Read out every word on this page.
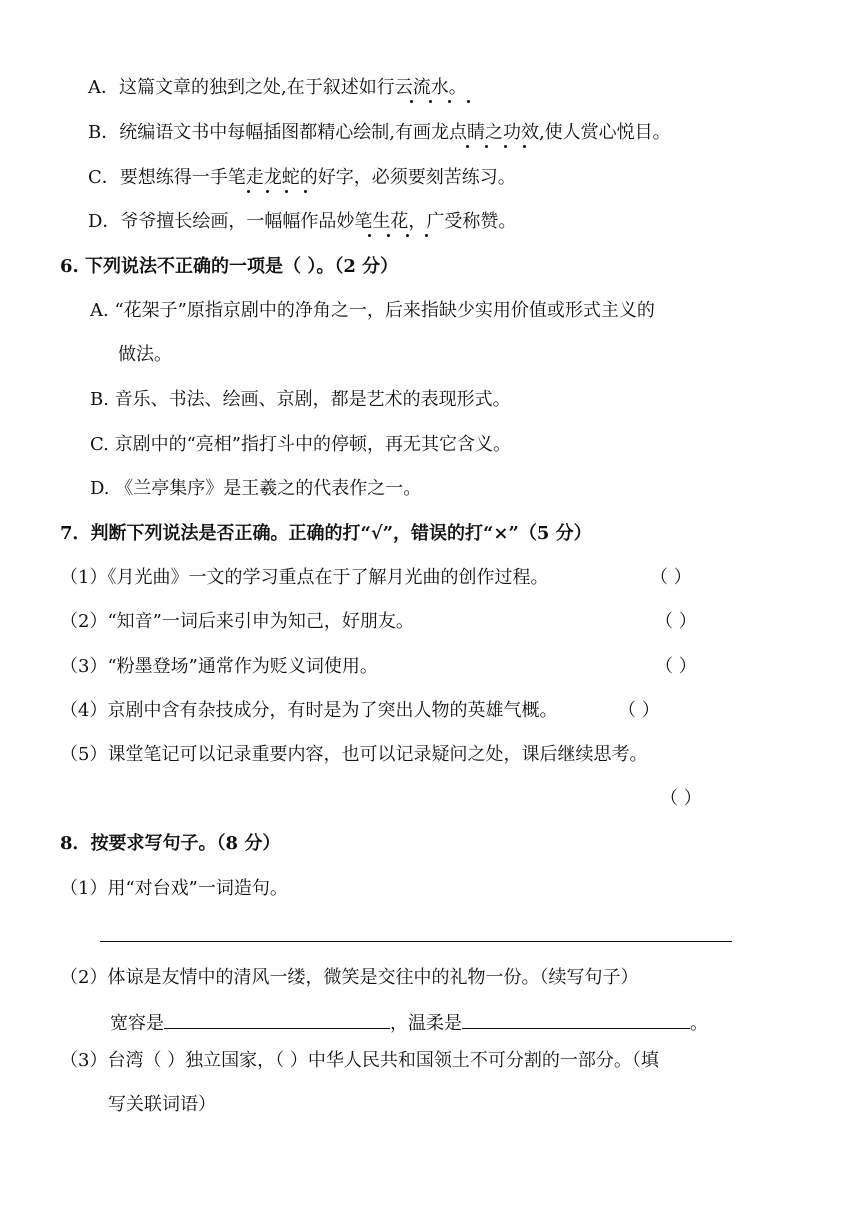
A．这篇文章的独到之处,在于叙述如行云流水。
B．统编语文书中每幅插图都精心绘制,有画龙点睛之功效,使人赏心悦目。
C．要想练得一手笔走龙蛇的好字，必须要刻苦练习。
D．爷爷擅长绘画，一幅幅作品妙笔生花，广受称赞。
6. 下列说法不正确的一项是（ ）。（2 分）
A. “花架子”原指京剧中的净角之一，后来指缺少实用价值或形式主义的
做法。
B. 音乐、书法、绘画、京剧，都是艺术的表现形式。
C. 京剧中的“亮相”指打斗中的停顿，再无其它含义。
D. 《兰亭集序》是王羲之的代表作之一。
7．判断下列说法是否正确。正确的打“√”，错误的打“×”（5 分）
（1）《月光曲》一文的学习重点在于了解月光曲的创作过程。	（ ）
（2）“知音”一词后来引申为知己，好朋友。	（ ）
（3）“粉墨登场”通常作为贬义词使用。	（ ）
（4）京剧中含有杂技成分，有时是为了突出人物的英雄气概。	（ ）
（5）课堂笔记可以记录重要内容，也可以记录疑问之处，课后继续思考。
（ ）
8．按要求写句子。（8 分）
（1）用“对台戏”一词造句。
（2）体谅是友情中的清风一缕，微笑是交往中的礼物一份。（续写句子）
宽容是	，温柔是	。
（3）台湾（ ）独立国家，（ ）中华人民共和国领土不可分割的一部分。（填
写关联词语）
